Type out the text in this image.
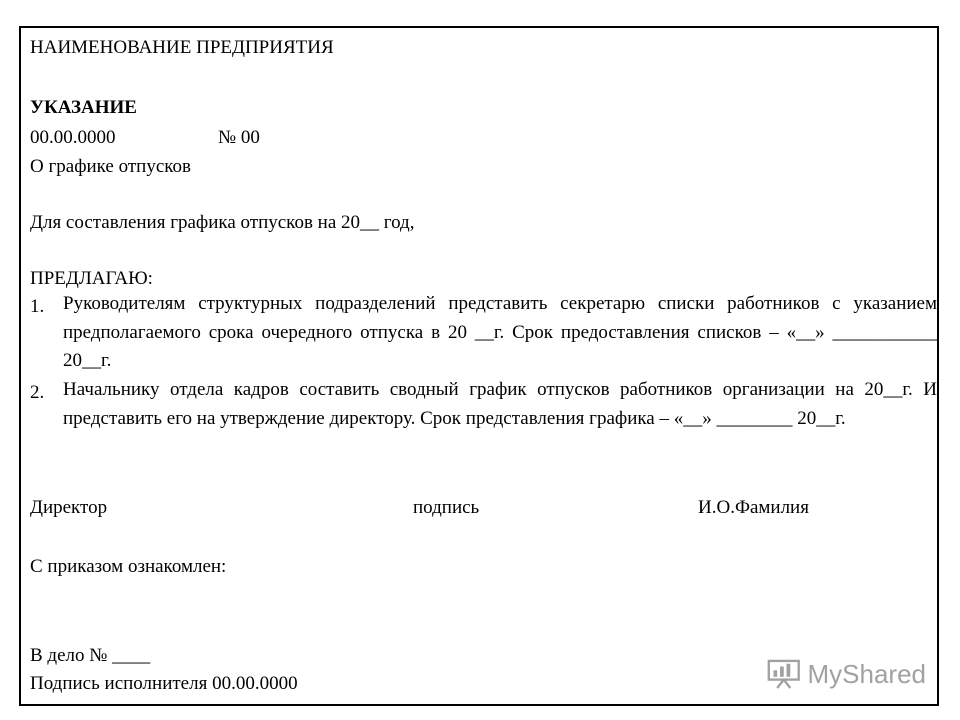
НАИМЕНОВАНИЕ ПРЕДПРИЯТИЯ
УКАЗАНИЕ
00.00.0000	№ 00
О графике отпусков
Для составления графика отпусков на 20__ год,
ПРЕДЛАГАЮ:
1. Руководителям структурных подразделений представить секретарю списки работников с указанием предполагаемого срока очередного отпуска в 20 __г. Срок предоставления списков – «__» ___________ 20__г.
2. Начальнику отдела кадров составить сводный график отпусков работников организации на 20__г. И представить его на утверждение директору. Срок представления графика – «__» ________ 20__г.
Директор	подпись	И.О.Фамилия
С приказом ознакомлен:
В дело № ____
Подпись исполнителя 00.00.0000	MyShared
